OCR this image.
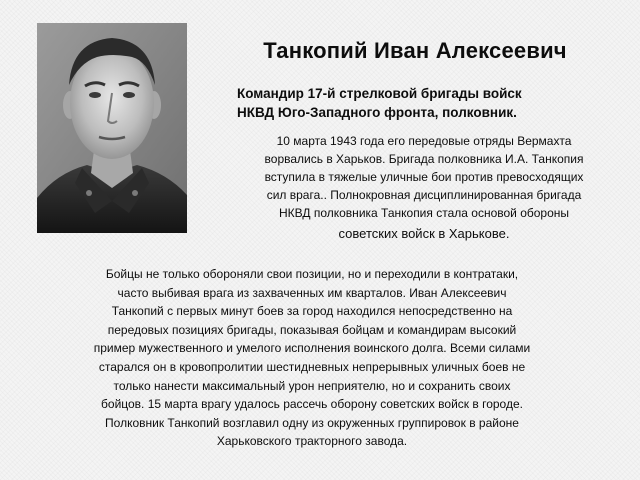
Танкопий Иван Алексеевич

Командир 17-й стрелковой бригады войск
НКВД Юго-Западного фронта, полковник.

10 марта 1943 года его передовые отряды Вермахта
ворвались в Харьков. Бригада полковника И.А. Танкопия
вступила в тяжелые уличные бои против превосходящих
сил врага.. Полнокровная дисциплинированная бригада
НКВД полковника Танкопия стала основой обороны
советских войск в Харькове.

Бойцы не только обороняли свои позиции, но и переходили в контратаки,
часто выбивая врага из захваченных им кварталов. Иван Алексеевич
Танкопий с первых минут боев за город находился непосредственно на
передовых позициях бригады, показывая бойцам и командирам высокий
пример мужественного и умелого исполнения воинского долга. Всеми силами
старался он в кровопролитии шестидневных непрерывных уличных боев не
только нанести максимальный урон неприятелю, но и сохранить своих
бойцов. 15 марта врагу удалось рассечь оборону советских войск в городе.
Полковник Танкопий возглавил одну из окруженных группировок в районе
Харьковского тракторного завода.
